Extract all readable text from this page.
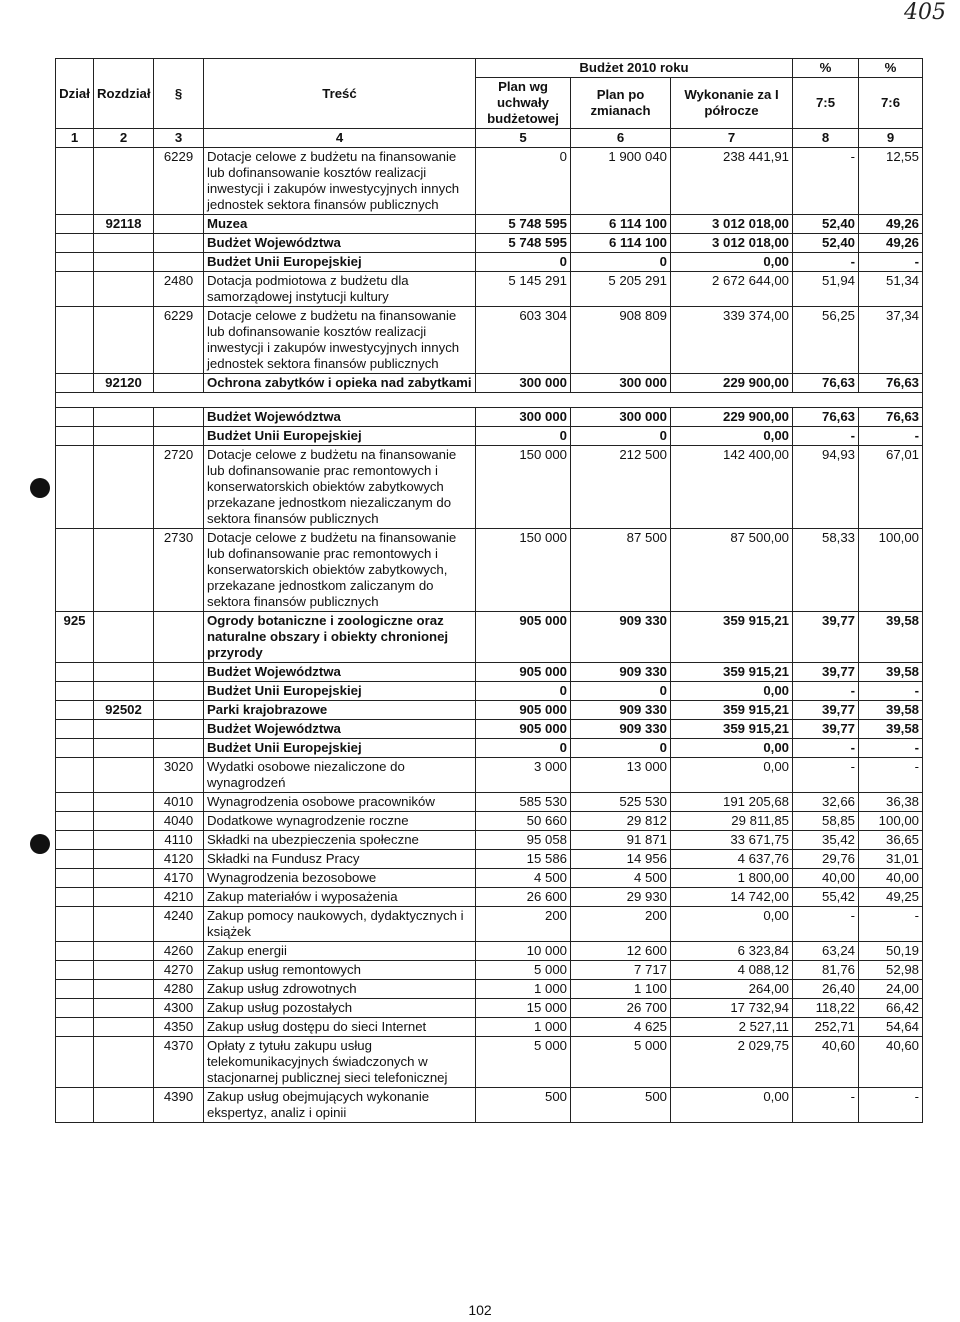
405
Dział	Rozdział	§	Treść	Budżet 2010 roku			%	%
				Plan wg uchwały budżetowej	Plan po zmianach	Wykonanie za I półrocze	7:5	7:6
1	2	3	4	5	6	7	8	9
		6229	Dotacje celowe z budżetu na finansowanie lub dofinansowanie kosztów realizacji inwestycji i zakupów inwestycyjnych innych jednostek sektora finansów publicznych	0	1 900 040	238 441,91	-	12,55
	92118		Muzea	5 748 595	6 114 100	3 012 018,00	52,40	49,26
			Budżet Województwa	5 748 595	6 114 100	3 012 018,00	52,40	49,26
			Budżet Unii Europejskiej	0	0	0,00	-	-
		2480	Dotacja podmiotowa z budżetu dla samorządowej instytucji kultury	5 145 291	5 205 291	2 672 644,00	51,94	51,34
		6229	Dotacje celowe z budżetu na finansowanie lub dofinansowanie kosztów realizacji inwestycji i zakupów inwestycyjnych innych jednostek sektora finansów publicznych	603 304	908 809	339 374,00	56,25	37,34
	92120		Ochrona zabytków i opieka nad zabytkami	300 000	300 000	229 900,00	76,63	76,63

			Budżet Województwa	300 000	300 000	229 900,00	76,63	76,63
			Budżet Unii Europejskiej	0	0	0,00	-	-
		2720	Dotacje celowe z budżetu na finansowanie lub dofinansowanie prac remontowych i konserwatorskich obiektów zabytkowych przekazane jednostkom niezaliczanym do sektora finansów publicznych	150 000	212 500	142 400,00	94,93	67,01
		2730	Dotacje celowe z budżetu na finansowanie lub dofinansowanie prac remontowych i konserwatorskich obiektów zabytkowych, przekazane jednostkom zaliczanym do sektora finansów publicznych	150 000	87 500	87 500,00	58,33	100,00
925			Ogrody botaniczne i zoologiczne oraz naturalne obszary i obiekty chronionej przyrody	905 000	909 330	359 915,21	39,77	39,58
			Budżet Województwa	905 000	909 330	359 915,21	39,77	39,58
			Budżet Unii Europejskiej	0	0	0,00	-	-
	92502		Parki krajobrazowe	905 000	909 330	359 915,21	39,77	39,58
			Budżet Województwa	905 000	909 330	359 915,21	39,77	39,58
			Budżet Unii Europejskiej	0	0	0,00	-	-
		3020	Wydatki osobowe niezaliczone do wynagrodzeń	3 000	13 000	0,00	-	-
		4010	Wynagrodzenia osobowe pracowników	585 530	525 530	191 205,68	32,66	36,38
		4040	Dodatkowe wynagrodzenie roczne	50 660	29 812	29 811,85	58,85	100,00
		4110	Składki na ubezpieczenia społeczne	95 058	91 871	33 671,75	35,42	36,65
		4120	Składki na Fundusz Pracy	15 586	14 956	4 637,76	29,76	31,01
		4170	Wynagrodzenia bezosobowe	4 500	4 500	1 800,00	40,00	40,00
		4210	Zakup materiałów i wyposażenia	26 600	29 930	14 742,00	55,42	49,25
		4240	Zakup pomocy naukowych, dydaktycznych i książek	200	200	0,00	-	-
		4260	Zakup energii	10 000	12 600	6 323,84	63,24	50,19
		4270	Zakup usług remontowych	5 000	7 717	4 088,12	81,76	52,98
		4280	Zakup usług zdrowotnych	1 000	1 100	264,00	26,40	24,00
		4300	Zakup usług pozostałych	15 000	26 700	17 732,94	118,22	66,42
		4350	Zakup usług dostępu do sieci Internet	1 000	4 625	2 527,11	252,71	54,64
		4370	Opłaty z tytułu zakupu usług telekomunikacyjnych świadczonych w stacjonarnej publicznej sieci telefonicznej	5 000	5 000	2 029,75	40,60	40,60
		4390	Zakup usług obejmujących wykonanie ekspertyz, analiz i opinii	500	500	0,00	-	-
102
